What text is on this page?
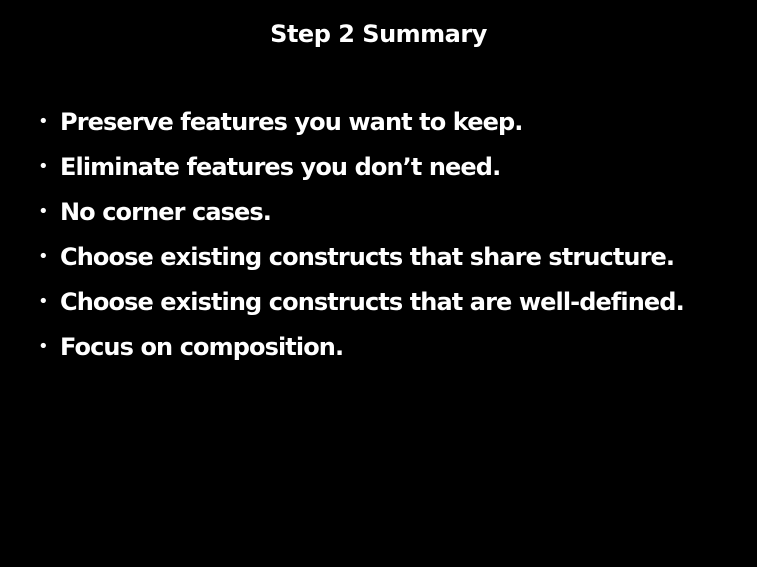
Step 2 Summary
• Preserve features you want to keep.
• Eliminate features you don’t need.
• No corner cases.
• Choose existing constructs that share structure.
• Choose existing constructs that are well-defined.
• Focus on composition.
